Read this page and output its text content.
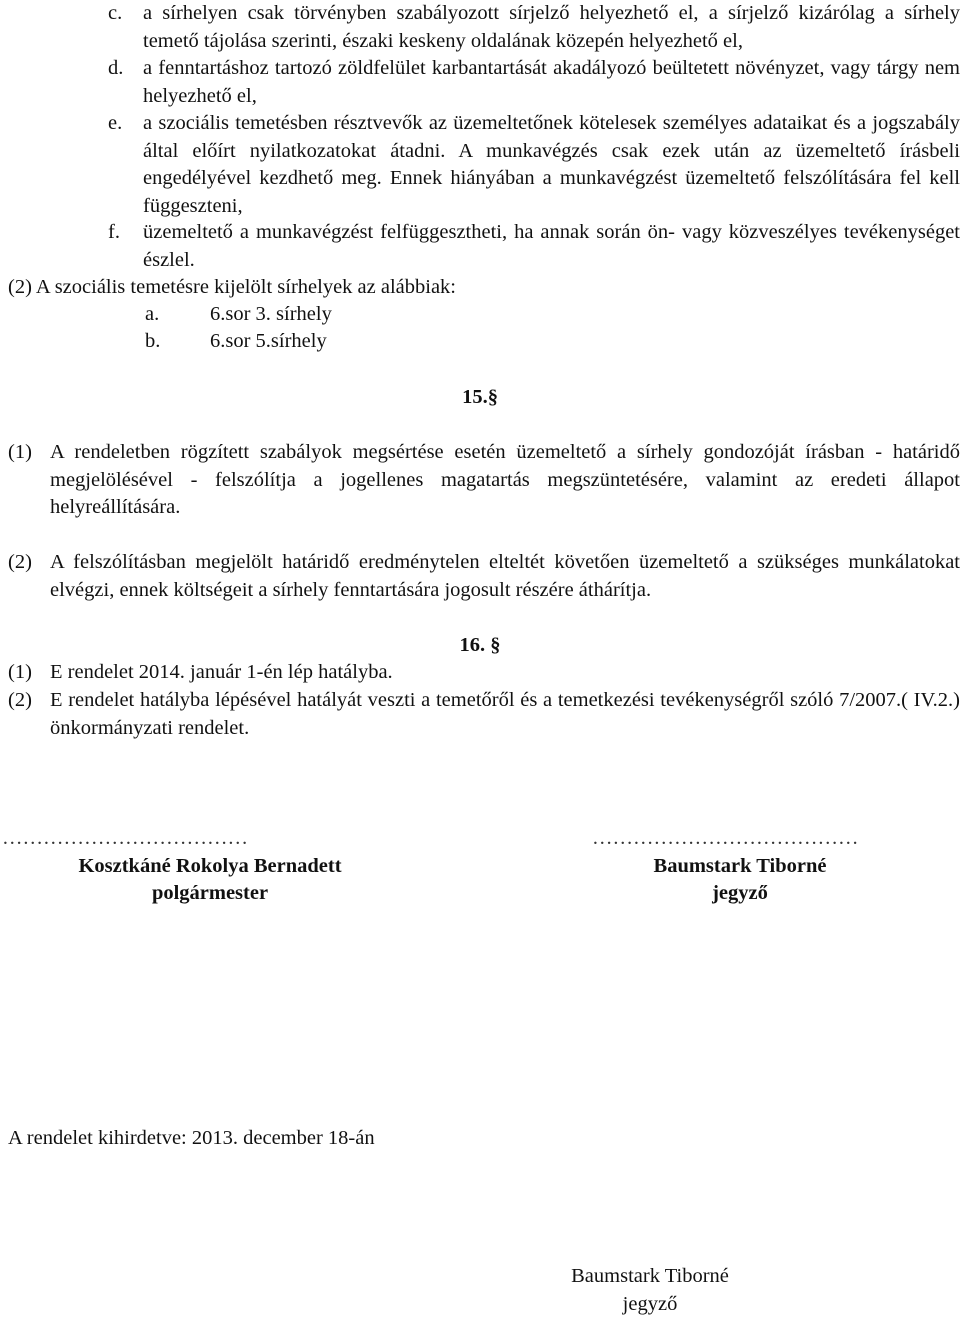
c. a sírhelyen csak törvényben szabályozott sírjelző helyezhető el, a sírjelző kizárólag a sírhely temető tájolása szerinti, északi keskeny oldalának közepén helyezhető el,
d. a fenntartáshoz tartozó zöldfelület karbantartását akadályozó beültetett növényzet, vagy tárgy nem helyezhető el,
e. a szociális temetésben résztvevők az üzemeltetőnek kötelesek személyes adataikat és a jogszabály által előírt nyilatkozatokat átadni. A munkavégzés csak ezek után az üzemeltető írásbeli engedélyével kezdhető meg. Ennek hiányában a munkavégzést üzemeltető felszólítására fel kell függeszteni,
f. üzemeltető a munkavégzést felfüggesztheti, ha annak során ön- vagy közveszélyes tevékenységet észlel.
(2) A szociális temetésre kijelölt sírhelyek az alábbiak:
a. 6.sor 3. sírhely
b. 6.sor 5.sírhely
15.§
(1) A rendeletben rögzített szabályok megsértése esetén üzemeltető a sírhely gondozóját írásban - határidő megjelölésével - felszólítja a jogellenes magatartás megszüntetésére, valamint az eredeti állapot helyreállítására.
(2) A felszólításban megjelölt határidő eredménytelen elteltét követően üzemeltető a szükséges munkálatokat elvégzi, ennek költségeit a sírhely fenntartására jogosult részére áthárítja.
16. §
(1) E rendelet 2014. január 1-én lép hatályba.
(2) E rendelet hatályba lépésével hatályát veszti a temetőről és a temetkezési tevékenységről szóló 7/2007.( IV.2.) önkormányzati rendelet.
………………………………
Kosztkáné Rokolya Bernadett
polgármester
…………………………………
Baumstark Tiborné
jegyző
A rendelet kihirdetve: 2013. december 18-án
Baumstark Tiborné
jegyző
